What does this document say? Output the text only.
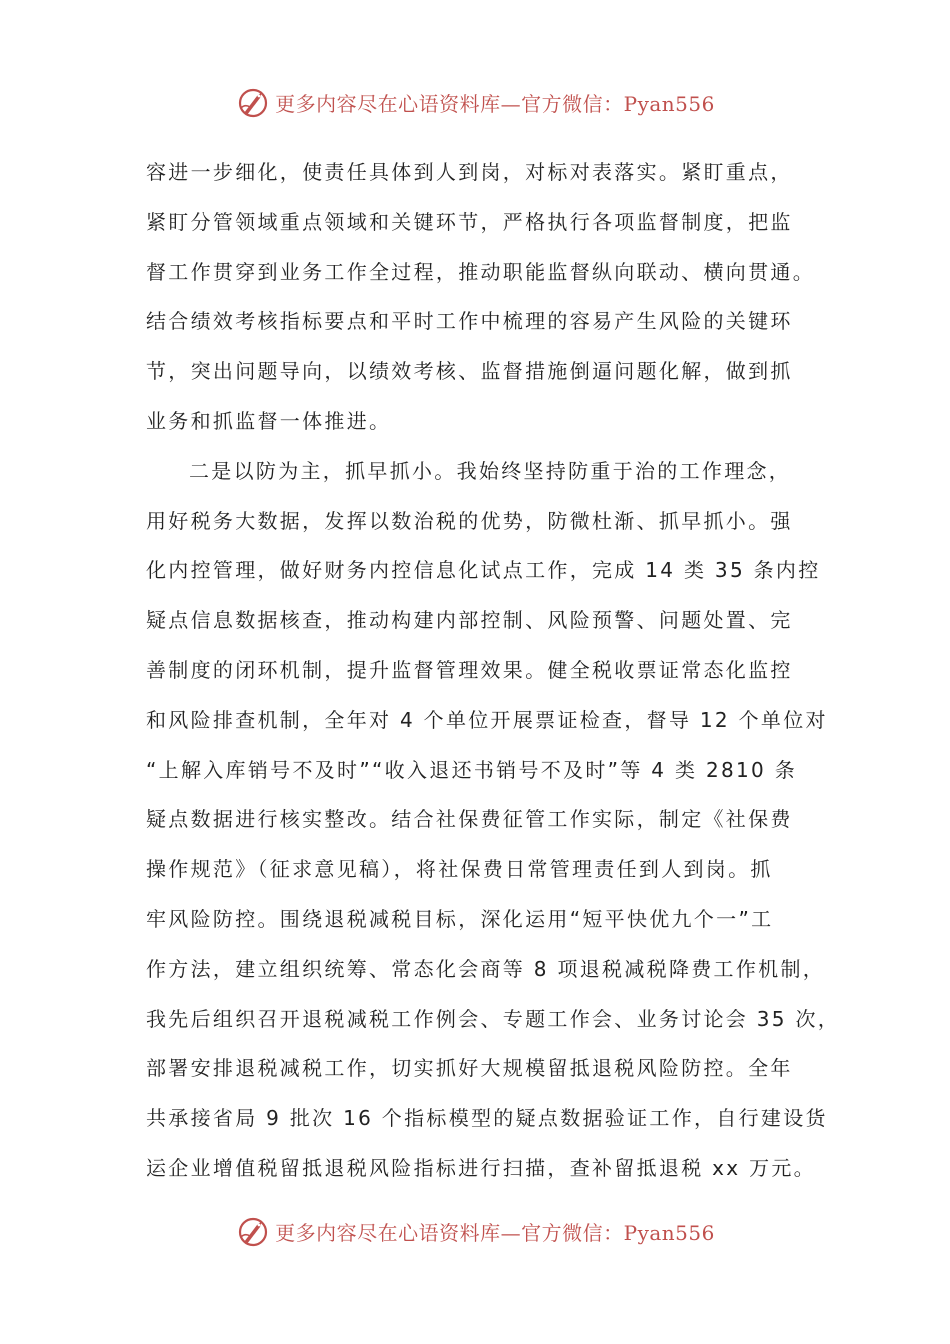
更多内容尽在心语资料库—官方微信：Pyan556
容进一步细化，使责任具体到人到岗，对标对表落实。紧盯重点，
紧盯分管领域重点领域和关键环节，严格执行各项监督制度，把监
督工作贯穿到业务工作全过程，推动职能监督纵向联动、横向贯通。
结合绩效考核指标要点和平时工作中梳理的容易产生风险的关键环
节，突出问题导向，以绩效考核、监督措施倒逼问题化解，做到抓
业务和抓监督一体推进。
二是以防为主，抓早抓小。我始终坚持防重于治的工作理念，
用好税务大数据，发挥以数治税的优势，防微杜渐、抓早抓小。强
化内控管理，做好财务内控信息化试点工作，完成 14 类 35 条内控
疑点信息数据核查，推动构建内部控制、风险预警、问题处置、完
善制度的闭环机制，提升监督管理效果。健全税收票证常态化监控
和风险排查机制，全年对 4 个单位开展票证检查，督导 12 个单位对
“上解入库销号不及时”“收入退还书销号不及时”等 4 类 2810 条
疑点数据进行核实整改。结合社保费征管工作实际，制定《社保费
操作规范》（征求意见稿），将社保费日常管理责任到人到岗。抓
牢风险防控。围绕退税减税目标，深化运用“短平快优九个一”工
作方法，建立组织统筹、常态化会商等 8 项退税减税降费工作机制，
我先后组织召开退税减税工作例会、专题工作会、业务讨论会 35 次，
部署安排退税减税工作，切实抓好大规模留抵退税风险防控。全年
共承接省局 9 批次 16 个指标模型的疑点数据验证工作，自行建设货
运企业增值税留抵退税风险指标进行扫描，查补留抵退税 xx 万元。
更多内容尽在心语资料库—官方微信：Pyan556
